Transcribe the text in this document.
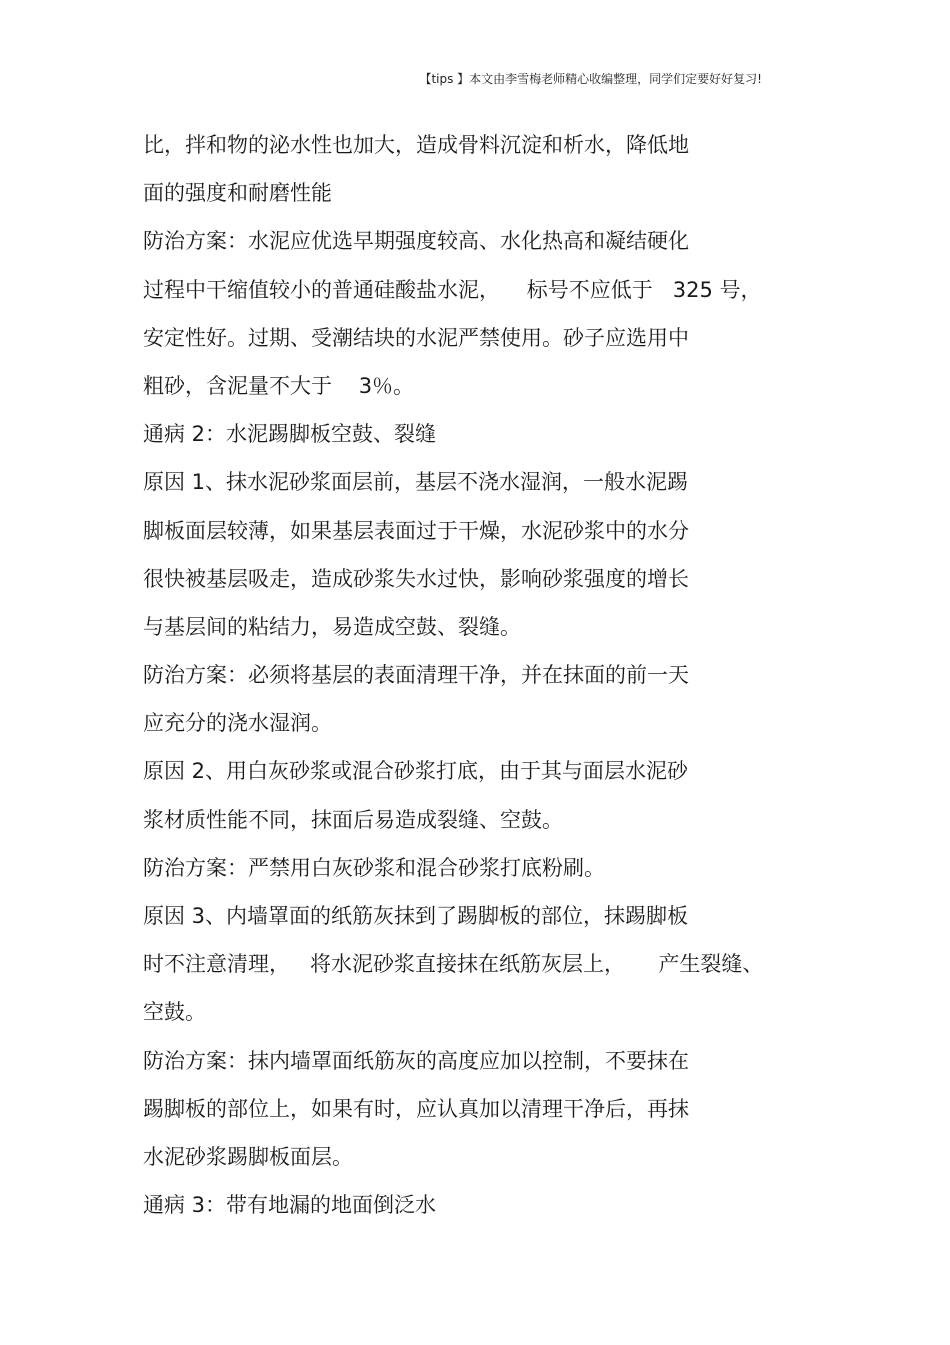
【tips 】本文由李雪梅老师精心收编整理，同学们定要好好复习!
比，拌和物的泌水性也加大，造成骨料沉淀和析水，降低地
面的强度和耐磨性能
防治方案：水泥应优选早期强度较高、水化热高和凝结硬化
过程中干缩值较小的普通硅酸盐水泥，    标号不应低于   325 号，
安定性好。过期、受潮结块的水泥严禁使用。砂子应选用中
粗砂，含泥量不大于    3％。
通病 2：水泥踢脚板空鼓、裂缝
原因 1、抹水泥砂浆面层前，基层不浇水湿润，一般水泥踢
脚板面层较薄，如果基层表面过于干燥，水泥砂浆中的水分
很快被基层吸走，造成砂浆失水过快，影响砂浆强度的增长
与基层间的粘结力，易造成空鼓、裂缝。
防治方案：必须将基层的表面清理干净，并在抹面的前一天
应充分的浇水湿润。
原因 2、用白灰砂浆或混合砂浆打底，由于其与面层水泥砂
浆材质性能不同，抹面后易造成裂缝、空鼓。
防治方案：严禁用白灰砂浆和混合砂浆打底粉刷。
原因 3、内墙罩面的纸筋灰抹到了踢脚板的部位，抹踢脚板
时不注意清理，   将水泥砂浆直接抹在纸筋灰层上，     产生裂缝、
空鼓。
防治方案：抹内墙罩面纸筋灰的高度应加以控制，不要抹在
踢脚板的部位上，如果有时，应认真加以清理干净后，再抹
水泥砂浆踢脚板面层。
通病 3：带有地漏的地面倒泛水
